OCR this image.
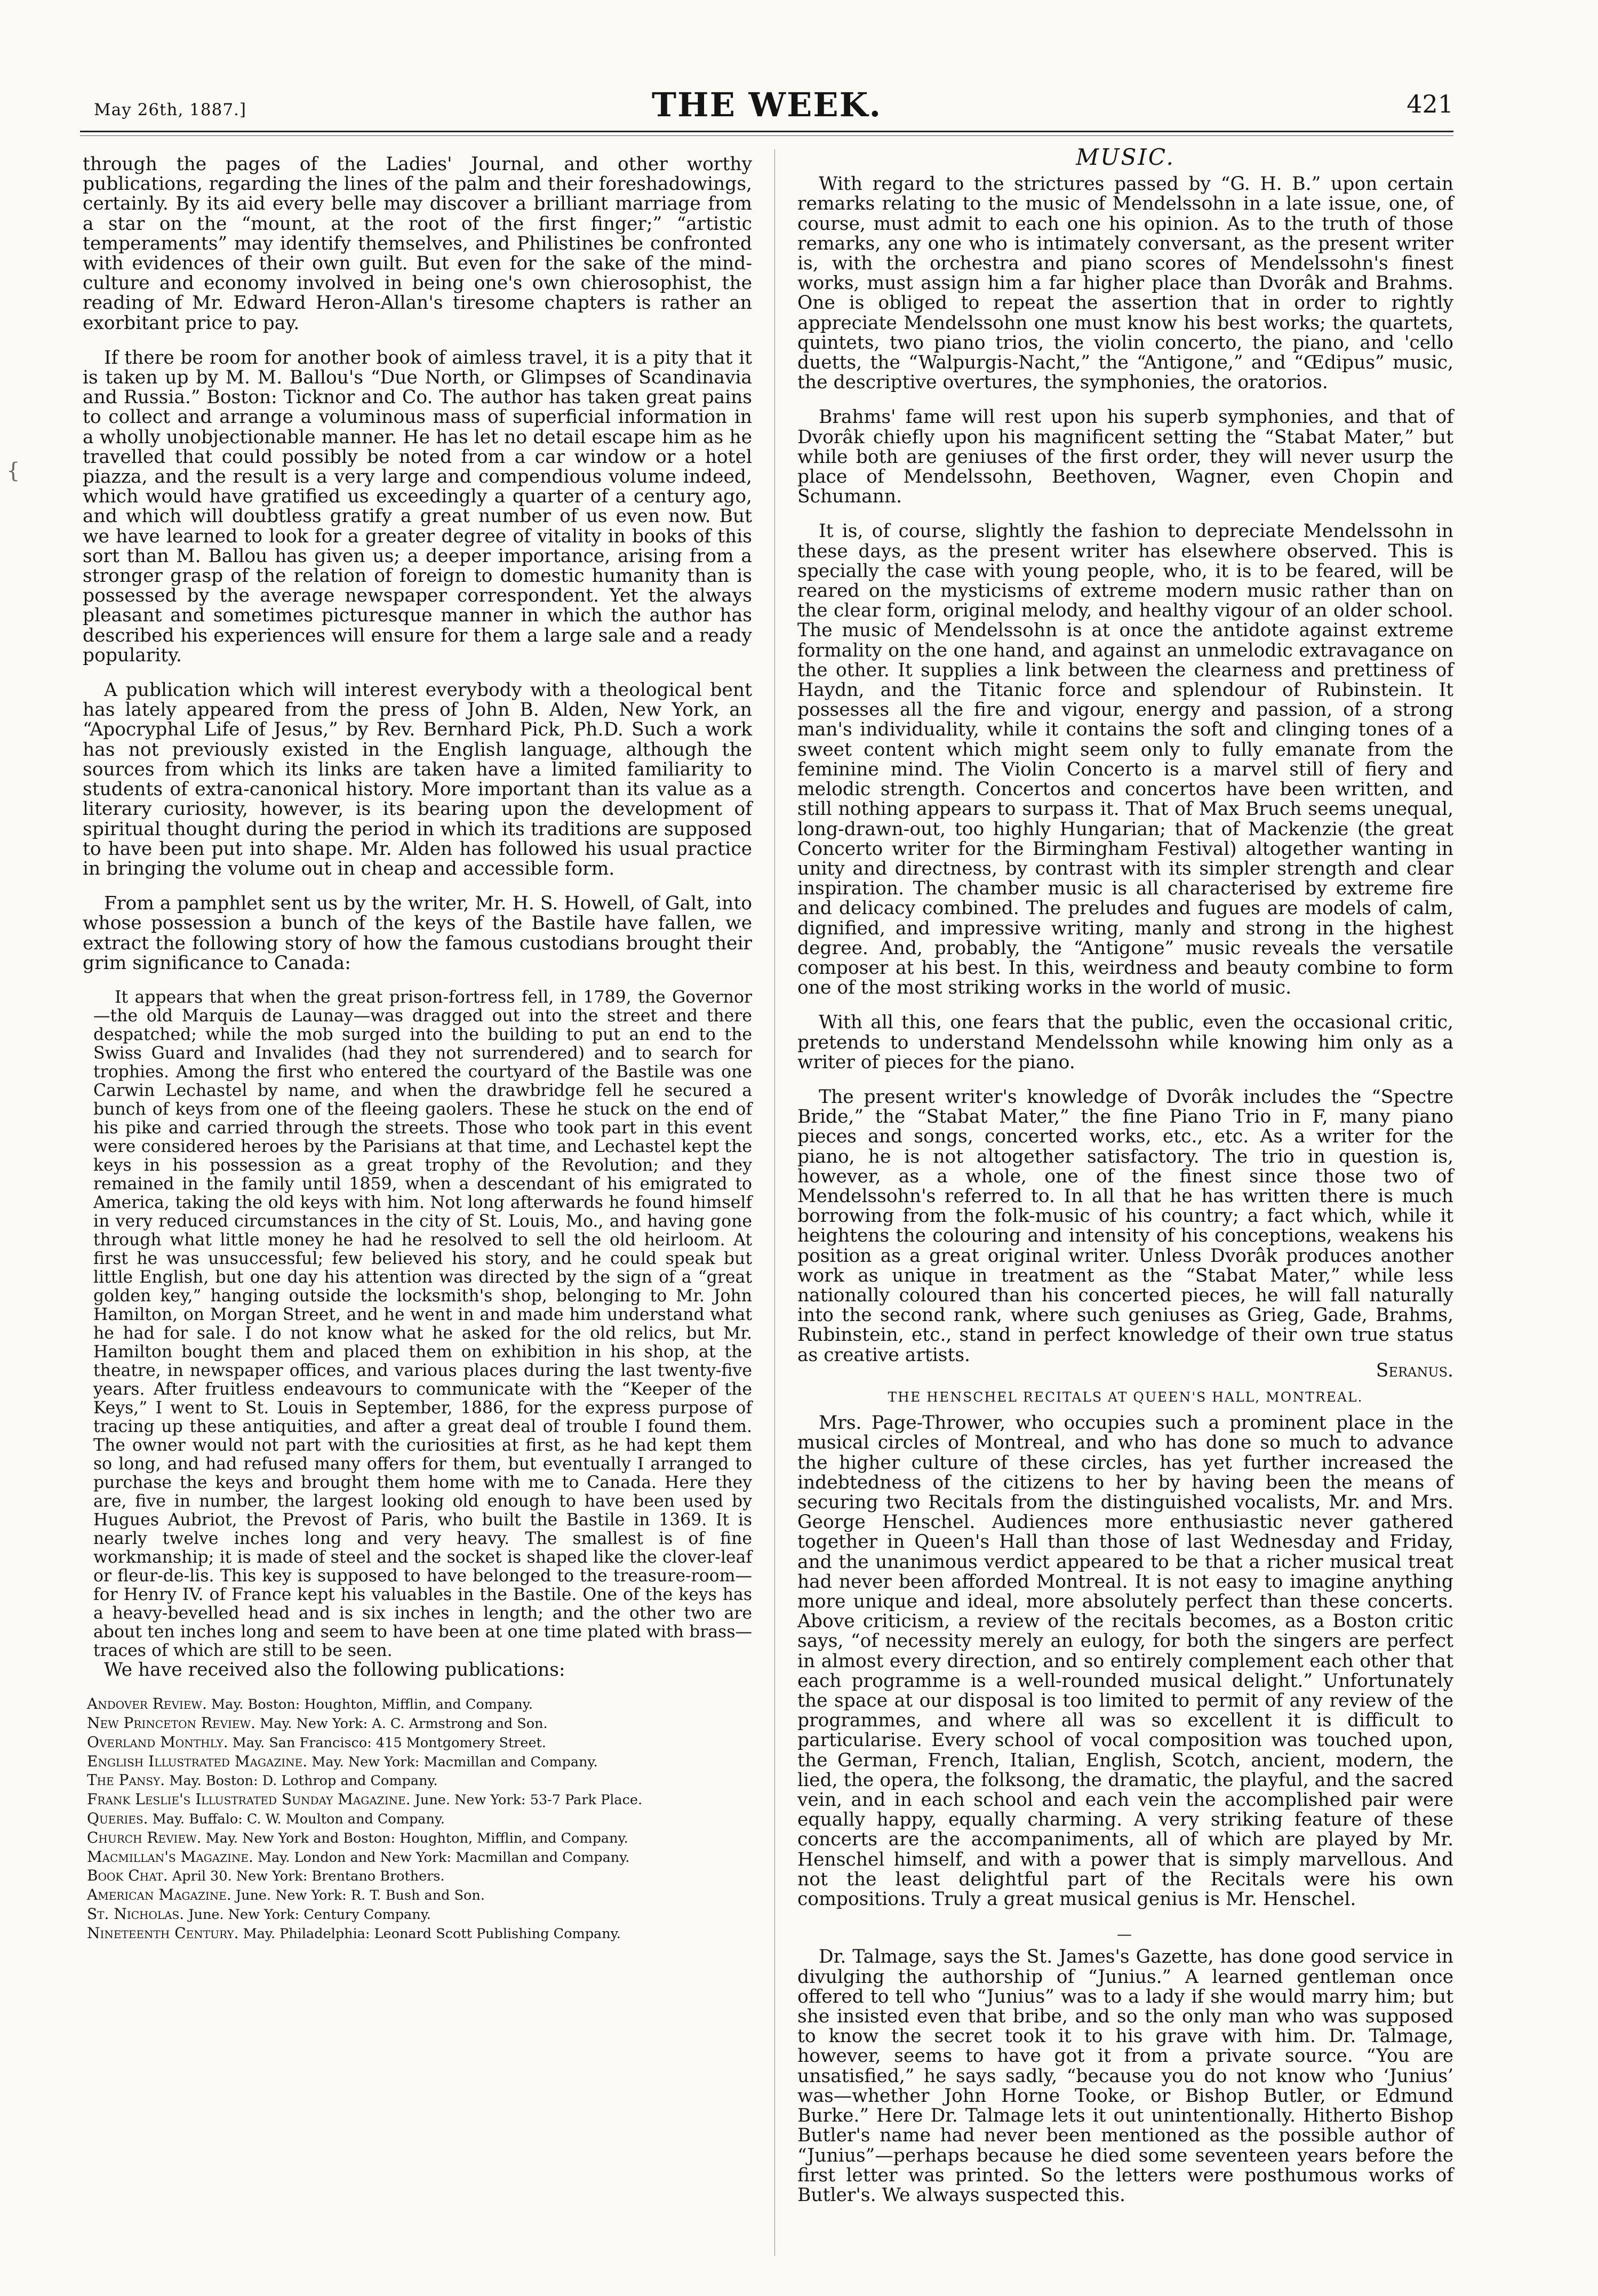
{
May 26th, 1887.]	THE WEEK.	421

through the pages of the Ladies' Journal, and other worthy publications, regarding the lines of the palm and their foreshadowings, certainly. By its aid every belle may discover a brilliant marriage from a star on the “mount, at the root of the first finger;” “artistic temperaments” may identify themselves, and Philistines be confronted with evidences of their own guilt. But even for the sake of the mind-culture and economy involved in being one's own chierosophist, the reading of Mr. Edward Heron-Allan's tiresome chapters is rather an exorbitant price to pay.

If there be room for another book of aimless travel, it is a pity that it is taken up by M. M. Ballou's “Due North, or Glimpses of Scandinavia and Russia.” Boston: Ticknor and Co. The author has taken great pains to collect and arrange a voluminous mass of superficial information in a wholly unobjectionable manner. He has let no detail escape him as he travelled that could possibly be noted from a car window or a hotel piazza, and the result is a very large and compendious volume indeed, which would have gratified us exceedingly a quarter of a century ago, and which will doubtless gratify a great number of us even now. But we have learned to look for a greater degree of vitality in books of this sort than M. Ballou has given us; a deeper importance, arising from a stronger grasp of the relation of foreign to domestic humanity than is possessed by the average newspaper correspondent. Yet the always pleasant and sometimes picturesque manner in which the author has described his experiences will ensure for them a large sale and a ready popularity.

A publication which will interest everybody with a theological bent has lately appeared from the press of John B. Alden, New York, an “Apocryphal Life of Jesus,” by Rev. Bernhard Pick, Ph.D. Such a work has not previously existed in the English language, although the sources from which its links are taken have a limited familiarity to students of extra-canonical history. More important than its value as a literary curiosity, however, is its bearing upon the development of spiritual thought during the period in which its traditions are supposed to have been put into shape. Mr. Alden has followed his usual practice in bringing the volume out in cheap and accessible form.

From a pamphlet sent us by the writer, Mr. H. S. Howell, of Galt, into whose possession a bunch of the keys of the Bastile have fallen, we extract the following story of how the famous custodians brought their grim significance to Canada:

It appears that when the great prison-fortress fell, in 1789, the Governor—the old Marquis de Launay—was dragged out into the street and there despatched; while the mob surged into the building to put an end to the Swiss Guard and Invalides (had they not surrendered) and to search for trophies. Among the first who entered the courtyard of the Bastile was one Carwin Lechastel by name, and when the drawbridge fell he secured a bunch of keys from one of the fleeing gaolers. These he stuck on the end of his pike and carried through the streets. Those who took part in this event were considered heroes by the Parisians at that time, and Lechastel kept the keys in his possession as a great trophy of the Revolution; and they remained in the family until 1859, when a descendant of his emigrated to America, taking the old keys with him. Not long afterwards he found himself in very reduced circumstances in the city of St. Louis, Mo., and having gone through what little money he had he resolved to sell the old heirloom. At first he was unsuccessful; few believed his story, and he could speak but little English, but one day his attention was directed by the sign of a “great golden key,” hanging outside the locksmith's shop, belonging to Mr. John Hamilton, on Morgan Street, and he went in and made him understand what he had for sale. I do not know what he asked for the old relics, but Mr. Hamilton bought them and placed them on exhibition in his shop, at the theatre, in newspaper offices, and various places during the last twenty-five years. After fruitless endeavours to communicate with the “Keeper of the Keys,” I went to St. Louis in September, 1886, for the express purpose of tracing up these antiquities, and after a great deal of trouble I found them. The owner would not part with the curiosities at first, as he had kept them so long, and had refused many offers for them, but eventually I arranged to purchase the keys and brought them home with me to Canada. Here they are, five in number, the largest looking old enough to have been used by Hugues Aubriot, the Prevost of Paris, who built the Bastile in 1369. It is nearly twelve inches long and very heavy. The smallest is of fine workmanship; it is made of steel and the socket is shaped like the clover-leaf or fleur-de-lis. This key is supposed to have belonged to the treasure-room—for Henry IV. of France kept his valuables in the Bastile. One of the keys has a heavy-bevelled head and is six inches in length; and the other two are about ten inches long and seem to have been at one time plated with brass—traces of which are still to be seen.

We have received also the following publications:

Andover Review. May. Boston: Houghton, Mifflin, and Company.
New Princeton Review. May. New York: A. C. Armstrong and Son.
Overland Monthly. May. San Francisco: 415 Montgomery Street.
English Illustrated Magazine. May. New York: Macmillan and Company.
The Pansy. May. Boston: D. Lothrop and Company.
Frank Leslie's Illustrated Sunday Magazine. June. New York: 53-7 Park Place.
Queries. May. Buffalo: C. W. Moulton and Company.
Church Review. May. New York and Boston: Houghton, Mifflin, and Company.
Macmillan's Magazine. May. London and New York: Macmillan and Company.
Book Chat. April 30. New York: Brentano Brothers.
American Magazine. June. New York: R. T. Bush and Son.
St. Nicholas. June. New York: Century Company.
Nineteenth Century. May. Philadelphia: Leonard Scott Publishing Company.
MUSIC.

With regard to the strictures passed by “G. H. B.” upon certain remarks relating to the music of Mendelssohn in a late issue, one, of course, must admit to each one his opinion. As to the truth of those remarks, any one who is intimately conversant, as the present writer is, with the orchestra and piano scores of Mendelssohn's finest works, must assign him a far higher place than Dvorâk and Brahms. One is obliged to repeat the assertion that in order to rightly appreciate Mendelssohn one must know his best works; the quartets, quintets, two piano trios, the violin concerto, the piano, and 'cello duetts, the “Walpurgis-Nacht,” the “Antigone,” and “Œdipus” music, the descriptive overtures, the symphonies, the oratorios.

Brahms' fame will rest upon his superb symphonies, and that of Dvorâk chiefly upon his magnificent setting the “Stabat Mater,” but while both are geniuses of the first order, they will never usurp the place of Mendelssohn, Beethoven, Wagner, even Chopin and Schumann.

It is, of course, slightly the fashion to depreciate Mendelssohn in these days, as the present writer has elsewhere observed. This is specially the case with young people, who, it is to be feared, will be reared on the mysticisms of extreme modern music rather than on the clear form, original melody, and healthy vigour of an older school. The music of Mendelssohn is at once the antidote against extreme formality on the one hand, and against an unmelodic extravagance on the other. It supplies a link between the clearness and prettiness of Haydn, and the Titanic force and splendour of Rubinstein. It possesses all the fire and vigour, energy and passion, of a strong man's individuality, while it contains the soft and clinging tones of a sweet content which might seem only to fully emanate from the feminine mind. The Violin Concerto is a marvel still of fiery and melodic strength. Concertos and concertos have been written, and still nothing appears to surpass it. That of Max Bruch seems unequal, long-drawn-out, too highly Hungarian; that of Mackenzie (the great Concerto writer for the Birmingham Festival) altogether wanting in unity and directness, by contrast with its simpler strength and clear inspiration. The chamber music is all characterised by extreme fire and delicacy combined. The preludes and fugues are models of calm, dignified, and impressive writing, manly and strong in the highest degree. And, probably, the “Antigone” music reveals the versatile composer at his best. In this, weirdness and beauty combine to form one of the most striking works in the world of music.

With all this, one fears that the public, even the occasional critic, pretends to understand Mendelssohn while knowing him only as a writer of pieces for the piano.

The present writer's knowledge of Dvorâk includes the “Spectre Bride,” the “Stabat Mater,” the fine Piano Trio in F, many piano pieces and songs, concerted works, etc., etc. As a writer for the piano, he is not altogether satisfactory. The trio in question is, however, as a whole, one of the finest since those two of Mendelssohn's referred to. In all that he has written there is much borrowing from the folk-music of his country; a fact which, while it heightens the colouring and intensity of his conceptions, weakens his position as a great original writer. Unless Dvorâk produces another work as unique in treatment as the “Stabat Mater,” while less nationally coloured than his concerted pieces, he will fall naturally into the second rank, where such geniuses as Grieg, Gade, Brahms, Rubinstein, etc., stand in perfect knowledge of their own true status as creative artists.

Seranus.
THE HENSCHEL RECITALS AT QUEEN'S HALL, MONTREAL.

Mrs. Page-Thrower, who occupies such a prominent place in the musical circles of Montreal, and who has done so much to advance the higher culture of these circles, has yet further increased the indebtedness of the citizens to her by having been the means of securing two Recitals from the distinguished vocalists, Mr. and Mrs. George Henschel. Audiences more enthusiastic never gathered together in Queen's Hall than those of last Wednesday and Friday, and the unanimous verdict appeared to be that a richer musical treat had never been afforded Montreal. It is not easy to imagine anything more unique and ideal, more absolutely perfect than these concerts. Above criticism, a review of the recitals becomes, as a Boston critic says, “of necessity merely an eulogy, for both the singers are perfect in almost every direction, and so entirely complement each other that each programme is a well-rounded musical delight.” Unfortunately the space at our disposal is too limited to permit of any review of the programmes, and where all was so excellent it is difficult to particularise. Every school of vocal composition was touched upon, the German, French, Italian, English, Scotch, ancient, modern, the lied, the opera, the folksong, the dramatic, the playful, and the sacred vein, and in each school and each vein the accomplished pair were equally happy, equally charming. A very striking feature of these concerts are the accompaniments, all of which are played by Mr. Henschel himself, and with a power that is simply marvellous. And not the least delightful part of the Recitals were his own compositions. Truly a great musical genius is Mr. Henschel.

—

Dr. Talmage, says the St. James's Gazette, has done good service in divulging the authorship of “Junius.” A learned gentleman once offered to tell who “Junius” was to a lady if she would marry him; but she insisted even that bribe, and so the only man who was supposed to know the secret took it to his grave with him. Dr. Talmage, however, seems to have got it from a private source. “You are unsatisfied,” he says sadly, “because you do not know who ‘Junius’ was—whether John Horne Tooke, or Bishop Butler, or Edmund Burke.” Here Dr. Talmage lets it out unintentionally. Hitherto Bishop Butler's name had never been mentioned as the possible author of “Junius”—perhaps because he died some seventeen years before the first letter was printed. So the letters were posthumous works of Butler's. We always suspected this.
